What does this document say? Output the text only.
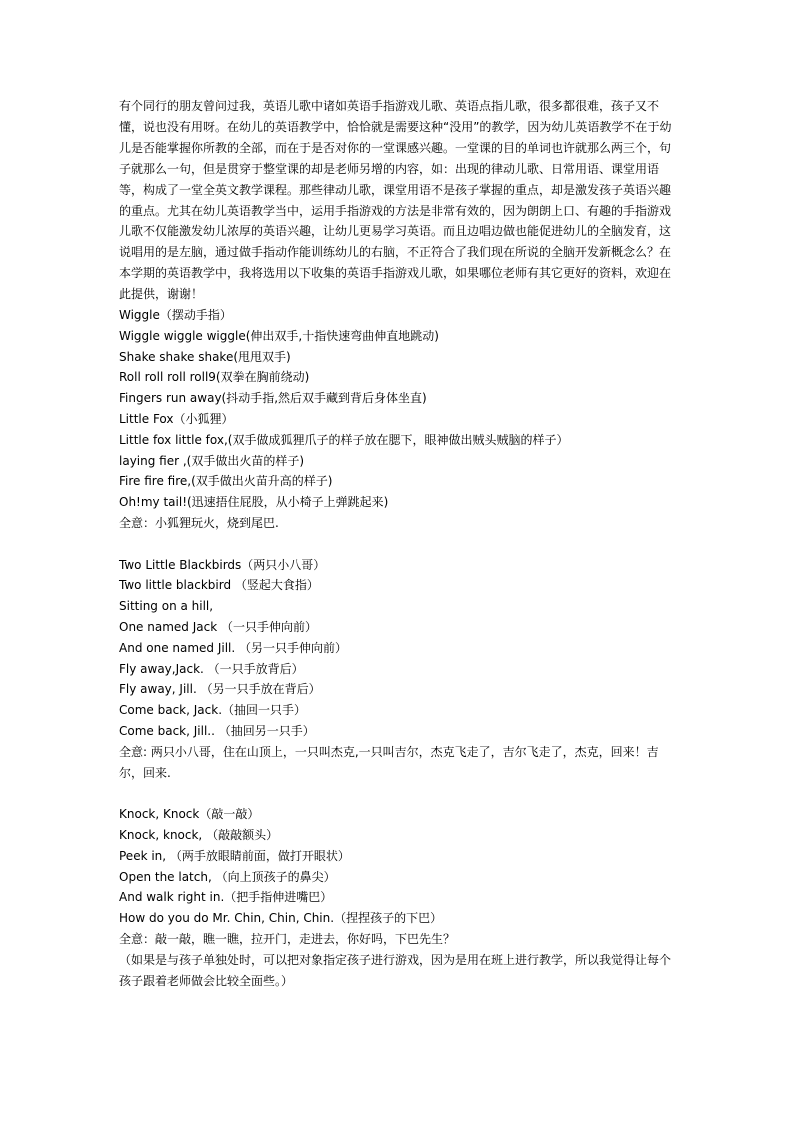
有个同行的朋友曾问过我，英语儿歌中诸如英语手指游戏儿歌、英语点指儿歌，很多都很难，孩子又不懂，说也没有用呀。在幼儿的英语教学中，恰恰就是需要这种“没用”的教学，因为幼儿英语教学不在于幼儿是否能掌握你所教的全部，而在于是否对你的一堂课感兴趣。一堂课的目的单词也许就那么两三个，句子就那么一句，但是贯穿于整堂课的却是老师另增的内容，如：出现的律动儿歌、日常用语、课堂用语等，构成了一堂全英文教学课程。那些律动儿歌，课堂用语不是孩子掌握的重点，却是激发孩子英语兴趣的重点。尤其在幼儿英语教学当中，运用手指游戏的方法是非常有效的，因为朗朗上口、有趣的手指游戏儿歌不仅能激发幼儿浓厚的英语兴趣，让幼儿更易学习英语。而且边唱边做也能促进幼儿的全脑发育，这说唱用的是左脑，通过做手指动作能训练幼儿的右脑，不正符合了我们现在所说的全脑开发新概念么？在本学期的英语教学中，我将选用以下收集的英语手指游戏儿歌，如果哪位老师有其它更好的资料，欢迎在此提供，谢谢！

Wiggle（摆动手指）

Wiggle wiggle wiggle(伸出双手,十指快速弯曲伸直地跳动)

Shake shake shake(甩甩双手)

Roll roll roll roll9(双拳在胸前绕动)

Fingers run away(抖动手指,然后双手藏到背后身体坐直)

Little Fox（小狐狸）

Little fox little fox,(双手做成狐狸爪子的样子放在腮下，眼神做出贼头贼脑的样子）

laying fier ,(双手做出火苗的样子)

Fire fire fire,(双手做出火苗升高的样子)

Oh!my tail!(迅速捂住屁股，从小椅子上弹跳起来)

全意：小狐狸玩火，烧到尾巴.

Two Little Blackbirds（两只小八哥）

Two little blackbird （竖起大食指）

Sitting on a hill,

One named Jack （一只手伸向前）

And one named Jill. （另一只手伸向前）

Fly away,Jack. （一只手放背后）

Fly away, Jill. （另一只手放在背后）

Come back, Jack.（抽回一只手）

Come back, Jill.. （抽回另一只手）

全意: 两只小八哥，住在山顶上，一只叫杰克,一只叫吉尔，杰克飞走了，吉尔飞走了，杰克，回来！吉尔，回来.

Knock, Knock（敲一敲）

Knock, knock, （敲敲额头）

Peek in, （两手放眼睛前面，做打开眼状）

Open the latch, （向上顶孩子的鼻尖）

And walk right in.（把手指伸进嘴巴）

How do you do Mr. Chin, Chin, Chin.（捏捏孩子的下巴）

全意：敲一敲，瞧一瞧，拉开门，走进去，你好吗，下巴先生？

（如果是与孩子单独处时，可以把对象指定孩子进行游戏，因为是用在班上进行教学，所以我觉得让每个孩子跟着老师做会比较全面些。）
